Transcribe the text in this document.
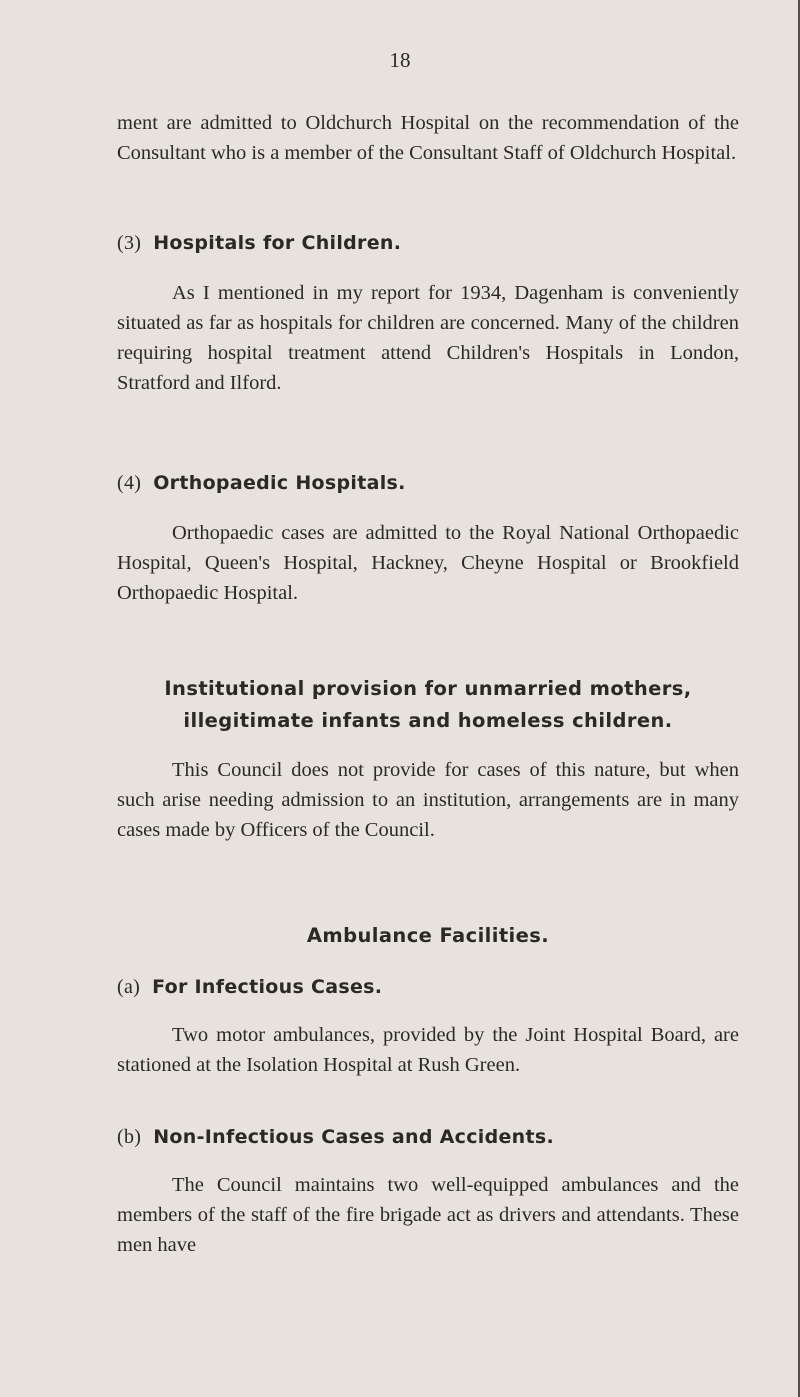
18

ment are admitted to Oldchurch Hospital on the recommendation of the Consultant who is a member of the Consultant Staff of Oldchurch Hospital.

(3) Hospitals for Children.

As I mentioned in my report for 1934, Dagenham is conveniently situated as far as hospitals for children are concerned. Many of the children requiring hospital treatment attend Children's Hospitals in London, Stratford and Ilford.

(4) Orthopaedic Hospitals.

Orthopaedic cases are admitted to the Royal National Orthopaedic Hospital, Queen's Hospital, Hackney, Cheyne Hospital or Brookfield Orthopaedic Hospital.

Institutional provision for unmarried mothers,

illegitimate infants and homeless children.

This Council does not provide for cases of this nature, but when such arise needing admission to an institution, arrangements are in many cases made by Officers of the Council.

Ambulance Facilities.

(a) For Infectious Cases.

Two motor ambulances, provided by the Joint Hospital Board, are stationed at the Isolation Hospital at Rush Green.

(b) Non-Infectious Cases and Accidents.

The Council maintains two well-equipped ambulances and the members of the staff of the fire brigade act as drivers and attendants. These men have
